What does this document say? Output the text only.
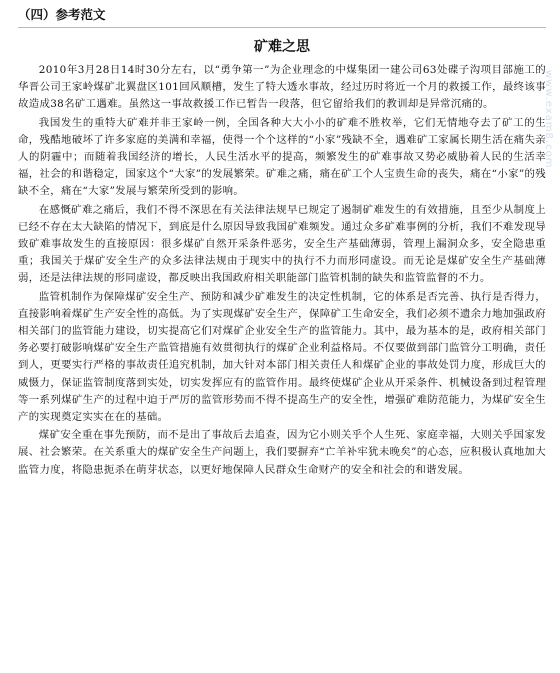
（四）参考范文
矿难之思

2010年3月28日14时30分左右，以“勇争第一”为企业理念的中煤集团一建公司63处碟子沟项目部施工的华晋公司王家岭煤矿北翼盘区101回风顺槽，发生了特大透水事故，经过历时将近一个月的救援工作，最终该事故造成38名矿工遇难。虽然这一事故救援工作已暂告一段落，但它留给我们的教训却是异常沉痛的。

我国发生的重特大矿难并非王家岭一例，全国各种大大小小的矿难不胜枚举，它们无情地夺去了矿工的生命，残酷地破坏了许多家庭的美满和幸福，使得一个个这样的“小家”残缺不全，遇难矿工家属长期生活在痛失亲人的阴霾中；而随着我国经济的增长，人民生活水平的提高，频繁发生的矿难事故又势必威胁着人民的生活幸福，社会的和谐稳定，国家这个“大家”的发展繁荣。矿难之痛，痛在矿工个人宝贵生命的丧失，痛在“小家”的残缺不全，痛在“大家”发展与繁荣所受到的影响。

在感慨矿难之痛后，我们不得不深思在有关法律法规早已规定了遏制矿难发生的有效措施，且至少从制度上已经不存在太大缺陷的情况下，到底是什么原因导致我国矿难频发。通过众多矿难事例的分析，我们不难发现导致矿难事故发生的直接原因：很多煤矿自然开采条件恶劣，安全生产基础薄弱，管理上漏洞众多，安全隐患重重；我国关于煤矿安全生产的众多法律法规由于现实中的执行不力而形同虚设。而无论是煤矿安全生产基础薄弱，还是法律法规的形同虚设，都反映出我国政府相关职能部门监管机制的缺失和监管监督的不力。

监管机制作为保障煤矿安全生产、预防和减少矿难发生的决定性机制，它的体系是否完善、执行是否得力，直接影响着煤矿生产安全性的高低。为了实现煤矿安全生产，保障矿工生命安全，我们必须不遗余力地加强政府相关部门的监管能力建设，切实提高它们对煤矿企业安全生产的监管能力。其中，最为基本的是，政府相关部门务必要打破影响煤矿安全生产监管措施有效贯彻执行的煤矿企业利益格局。不仅要做到部门监管分工明确，责任到人，更要实行严格的事故责任追究机制，加大针对本部门相关责任人和煤矿企业的事故处罚力度，形成巨大的威慑力，保证监管制度落到实处，切实发挥应有的监管作用。最终使煤矿企业从开采条件、机械设备到过程管理等一系列煤矿生产的过程中迫于严厉的监管形势而不得不提高生产的安全性，增强矿难防范能力，为煤矿安全生产的实现奠定实实在在的基础。

煤矿安全重在事先预防，而不是出了事故后去追查，因为它小则关乎个人生死、家庭幸福，大则关乎国家发展、社会繁荣。在关系重大的煤矿安全生产问题上，我们要摒弃“亡羊补牢犹未晚矣”的心态，应积极认真地加大监管力度，将隐患扼杀在萌芽状态，以更好地保障人民群众生命财产的安全和社会的和谐发展。

www.exam8.com
